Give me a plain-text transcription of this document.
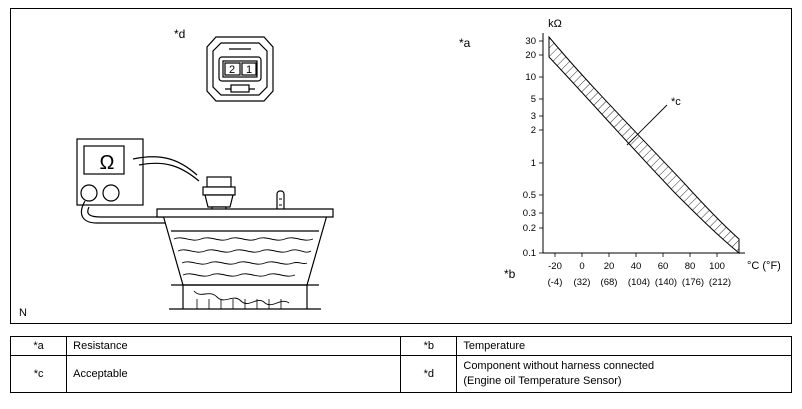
Ω
2 1
*d
*a
*b
30
20
10
5
3
2
1
0.5
0.3
0.2
0.1
-20 0 20 40 60 80 100
(-4) (32) (68) (104) (140) (176) (212)
*c
kΩ
°C (°F)
N
*a	Resistance	*b	Temperature
*c	Acceptable	*d	Component without harness connected
(Engine oil Temperature Sensor)
